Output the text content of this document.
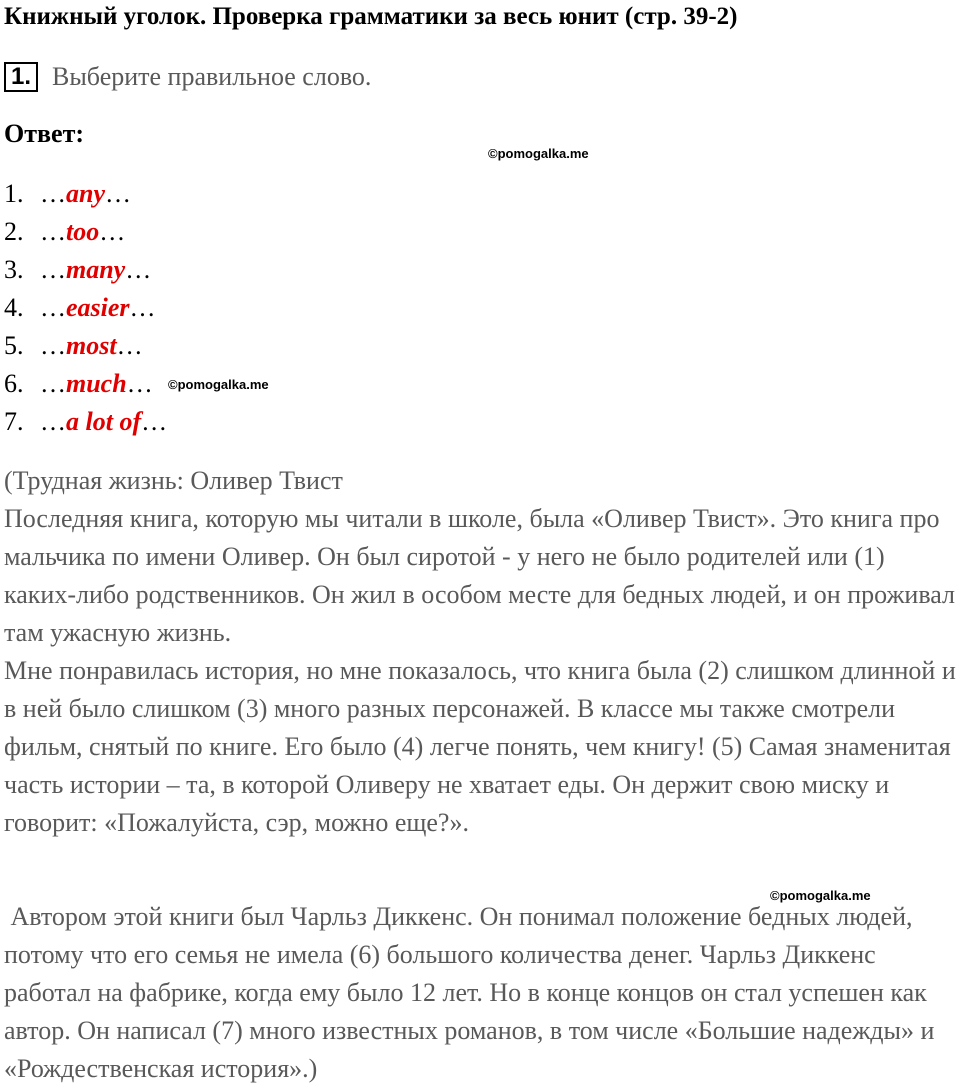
Книжный уголок. Проверка грамматики за весь юнит (стр. 39-2)
1. Выберите правильное слово.
Ответ:
©pomogalka.me
1. …any…
2. …too…
3. …many…
4. …easier…
5. …most…
6. …much… ©pomogalka.me
7. …a lot of…
(Трудная жизнь: Оливер Твист
Последняя книга, которую мы читали в школе, была «Оливер Твист». Это книга про мальчика по имени Оливер. Он был сиротой - у него не было родителей или (1) каких-либо родственников. Он жил в особом месте для бедных людей, и он проживал там ужасную жизнь.
Мне понравилась история, но мне показалось, что книга была (2) слишком длинной и в ней было слишком (3) много разных персонажей. В классе мы также смотрели фильм, снятый по книге. Его было (4) легче понять, чем книгу! (5) Самая знаменитая часть истории – та, в которой Оливеру не хватает еды. Он держит свою миску и говорит: «Пожалуйста, сэр, можно еще?».
©pomogalka.me
Автором этой книги был Чарльз Диккенс. Он понимал положение бедных людей, потому что его семья не имела (6) большого количества денег. Чарльз Диккенс работал на фабрике, когда ему было 12 лет. Но в конце концов он стал успешен как автор. Он написал (7) много известных романов, в том числе «Большие надежды» и «Рождественская история».)
